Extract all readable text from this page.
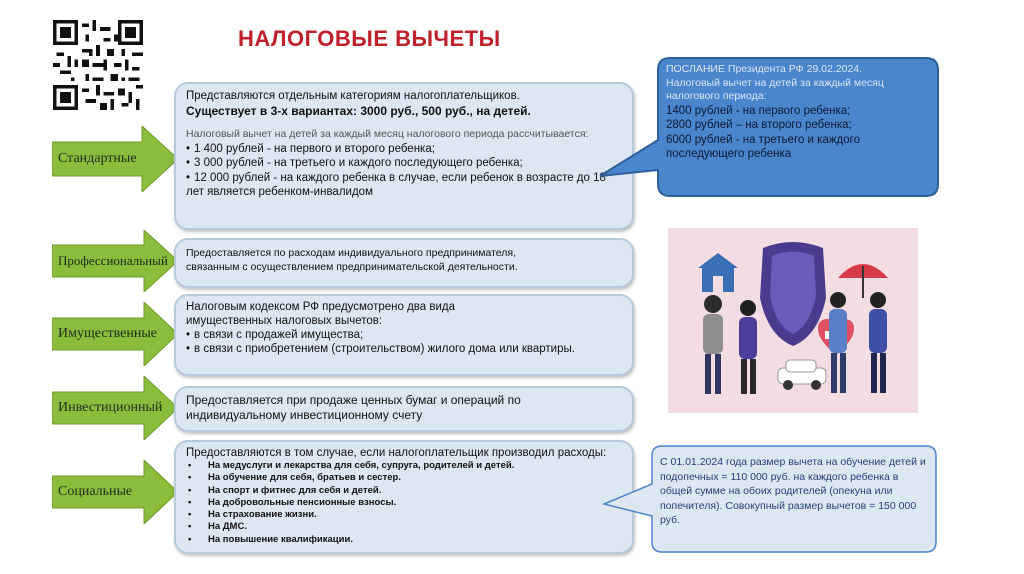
НАЛОГОВЫЕ ВЫЧЕТЫ
Стандартные
Профессиональный
Имущественные
Инвестиционный
Социальные
Представляются отдельным категориям налогоплательщиков.
Существует в 3-х вариантах: 3000 руб., 500 руб., на детей.
Налоговый вычет на детей за каждый месяц налогового периода рассчитывается:
• 1 400 рублей - на первого и второго ребенка;
• 3 000 рублей - на третьего и каждого последующего ребенка;
• 12 000 рублей - на каждого ребенка в случае, если ребенок в возрасте до 18 лет является ребенком-инвалидом
Предоставляется по расходам индивидуального предпринимателя,
связанным с осуществлением предпринимательской деятельности.
Налоговым кодексом РФ предусмотрено два вида имущественных налоговых вычетов:
• в связи с продажей имущества;
• в связи с приобретением (строительством) жилого дома или квартиры.
Предоставляется при продаже ценных бумаг и операций по индивидуальному инвестиционному счету
Предоставляются в том случае, если налогоплательщик производил расходы:
• На медуслуги и лекарства для себя, супруга, родителей и детей.
• На обучение для себя, братьев и сестер.
• На спорт и фитнес для себя и детей.
• На добровольные пенсионные взносы.
• На страхование жизни.
• На ДМС.
• На повышение квалификации.
ПОСЛАНИЕ Президента РФ 29.02.2024.
Налоговый вычет на детей за каждый месяц налогового периода:
1400 рублей - на первого ребенка;
2800 рублей – на второго ребенка;
6000 рублей - на третьего и каждого последующего ребенка
С 01.01.2024 года размер вычета на обучение детей и подопечных = 110 000 руб. на каждого ребенка в общей сумме на обоих родителей (опекуна или попечителя). Совокупный размер вычетов = 150 000 руб.
